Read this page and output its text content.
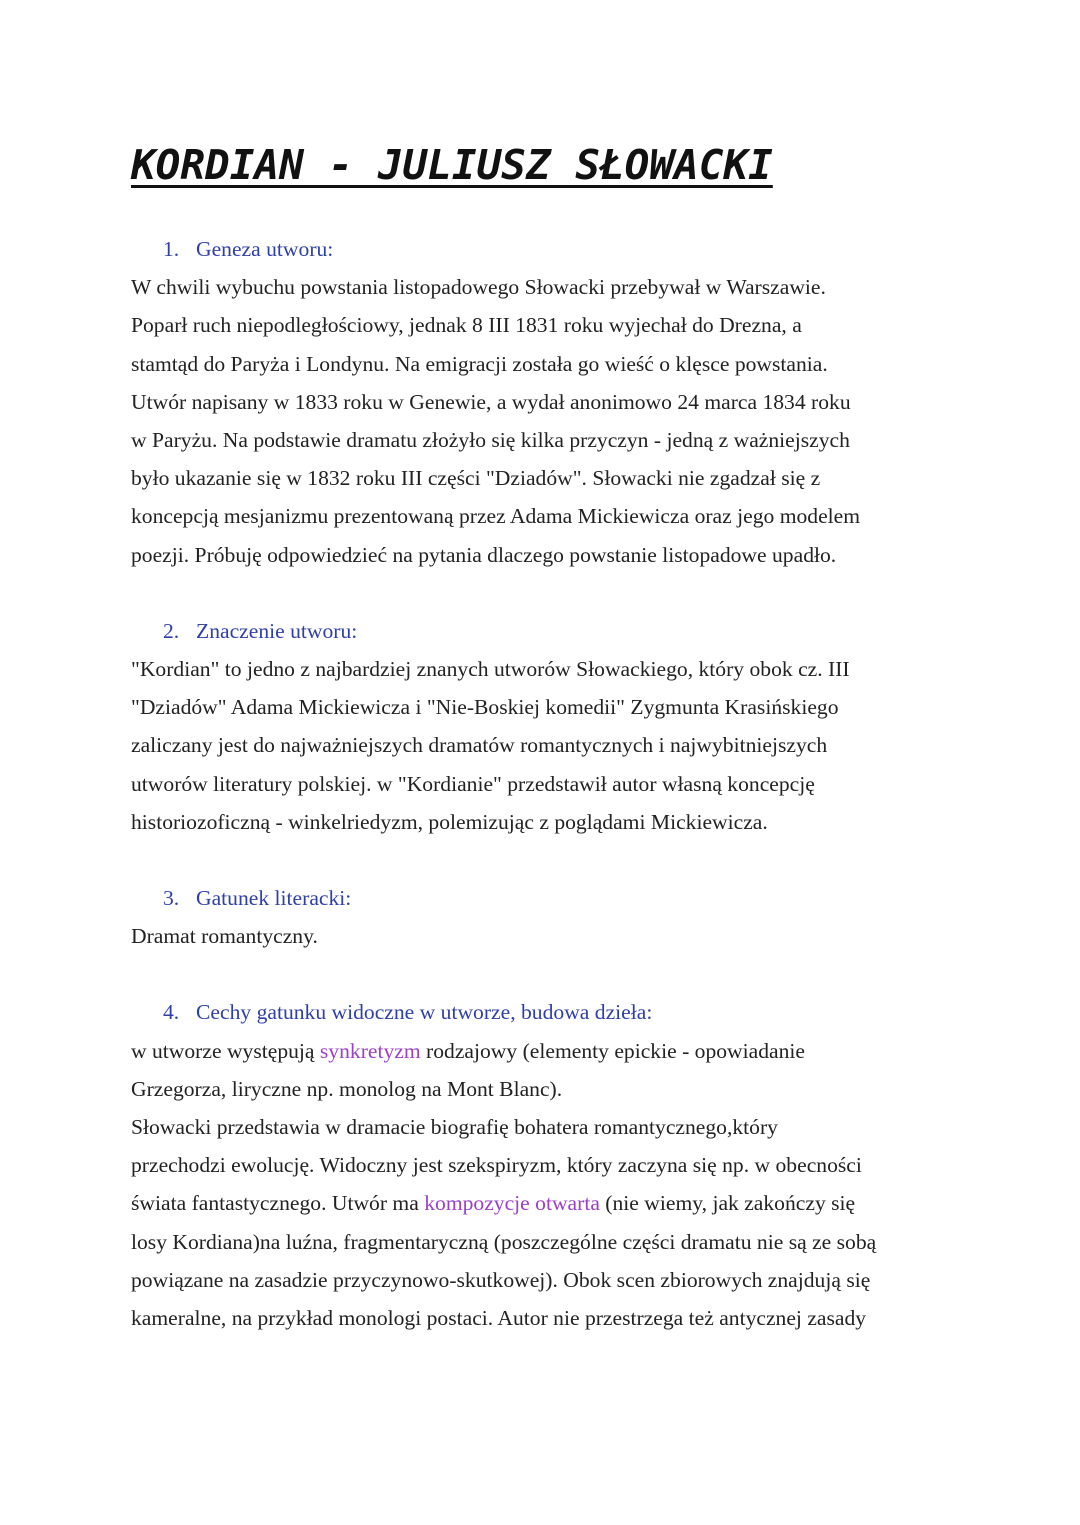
KORDIAN - JULIUSZ SŁOWACKI

1. Geneza utworu:

W chwili wybuchu powstania listopadowego Słowacki przebywał w Warszawie.
Poparł ruch niepodległościowy, jednak 8 III 1831 roku wyjechał do Drezna, a
stamtąd do Paryża i Londynu. Na emigracji została go wieść o klęsce powstania.
Utwór napisany w 1833 roku w Genewie, a wydał anonimowo 24 marca 1834 roku
w Paryżu. Na podstawie dramatu złożyło się kilka przyczyn - jedną z ważniejszych
było ukazanie się w 1832 roku III części "Dziadów". Słowacki nie zgadzał się z
koncepcją mesjanizmu prezentowaną przez Adama Mickiewicza oraz jego modelem
poezji. Próbuję odpowiedzieć na pytania dlaczego powstanie listopadowe upadło.

2. Znaczenie utworu:

"Kordian" to jedno z najbardziej znanych utworów Słowackiego, który obok cz. III
"Dziadów" Adama Mickiewicza i "Nie-Boskiej komedii" Zygmunta Krasińskiego
zaliczany jest do najważniejszych dramatów romantycznych i najwybitniejszych
utworów literatury polskiej. w "Kordianie" przedstawił autor własną koncepcję
historiozoficzną - winkelriedyzm, polemizując z poglądami Mickiewicza.

3. Gatunek literacki:

Dramat romantyczny.

4. Cechy gatunku widoczne w utworze, budowa dzieła:

w utworze występują synkretyzm rodzajowy (elementy epickie - opowiadanie
Grzegorza, liryczne np. monolog na Mont Blanc).
Słowacki przedstawia w dramacie biografię bohatera romantycznego,który
przechodzi ewolucję. Widoczny jest szekspiryzm, który zaczyna się np. w obecności
świata fantastycznego. Utwór ma kompozycje otwarta (nie wiemy, jak zakończy się
losy Kordiana)na luźna, fragmentaryczną (poszczególne części dramatu nie są ze sobą
powiązane na zasadzie przyczynowo-skutkowej). Obok scen zbiorowych znajdują się
kameralne, na przykład monologi postaci. Autor nie przestrzega też antycznej zasady
